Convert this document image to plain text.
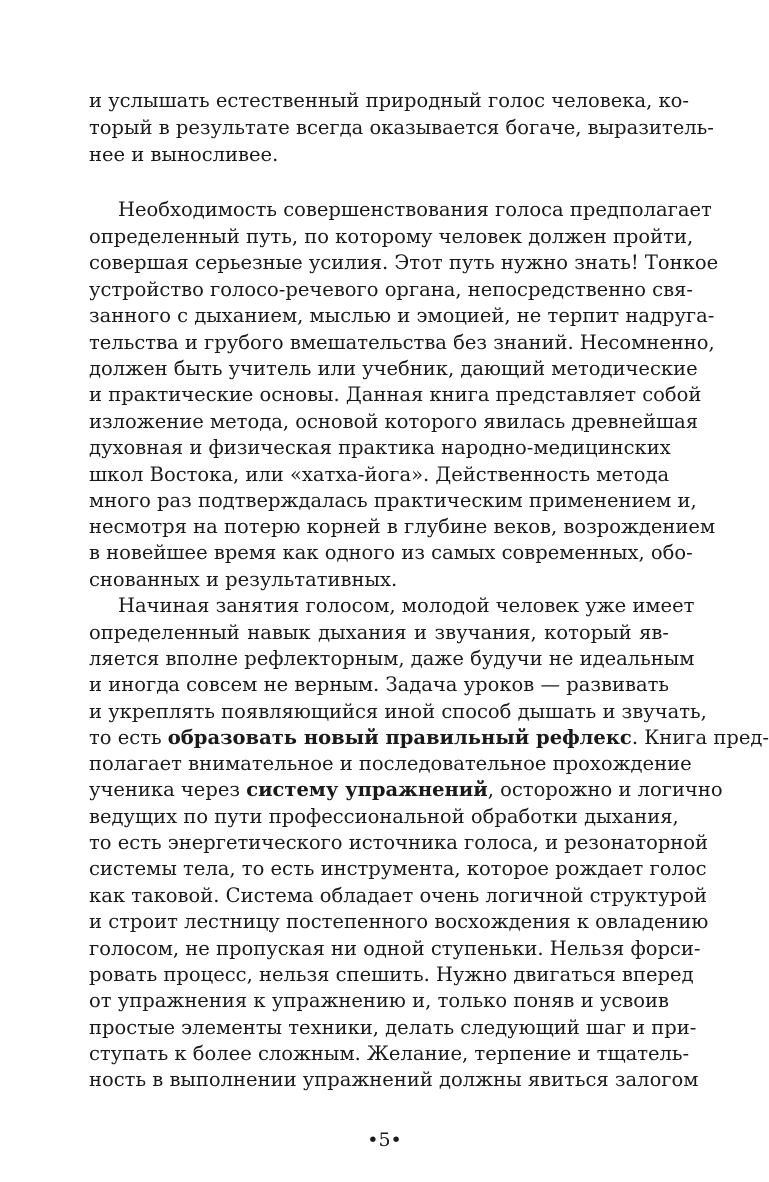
и услышать естественный природный голос человека, ко-
торый в результате всегда оказывается богаче, выразитель-
нее и выносливее.
Необходимость совершенствования голоса предполагает
определенный путь, по которому человек должен пройти,
совершая серьезные усилия. Этот путь нужно знать! Тонкое
устройство голосо-речевого органа, непосредственно свя-
занного с дыханием, мыслью и эмоцией, не терпит надруга-
тельства и грубого вмешательства без знаний. Несомненно,
должен быть учитель или учебник, дающий методические
и практические основы. Данная книга представляет собой
изложение метода, основой которого явилась древнейшая
духовная и физическая практика народно-медицинских
школ Востока, или «хатха-йога». Действенность метода
много раз подтверждалась практическим применением и,
несмотря на потерю корней в глубине веков, возрождением
в новейшее время как одного из самых современных, обо-
снованных и результативных.
Начиная занятия голосом, молодой человек уже имеет
определенный навык дыхания и звучания, который яв-
ляется вполне рефлекторным, даже будучи не идеальным
и иногда совсем не верным. Задача уроков — развивать
и укреплять появляющийся иной способ дышать и звучать,
то есть образовать новый правильный рефлекс. Книга пред-
полагает внимательное и последовательное прохождение
ученика через систему упражнений, осторожно и логично
ведущих по пути профессиональной обработки дыхания,
то есть энергетического источника голоса, и резонаторной
системы тела, то есть инструмента, которое рождает голос
как таковой. Система обладает очень логичной структурой
и строит лестницу постепенного восхождения к овладению
голосом, не пропуская ни одной ступеньки. Нельзя форси-
ровать процесс, нельзя спешить. Нужно двигаться вперед
от упражнения к упражнению и, только поняв и усвоив
простые элементы техники, делать следующий шаг и при-
ступать к более сложным. Желание, терпение и тщатель-
ность в выполнении упражнений должны явиться залогом
•5•
